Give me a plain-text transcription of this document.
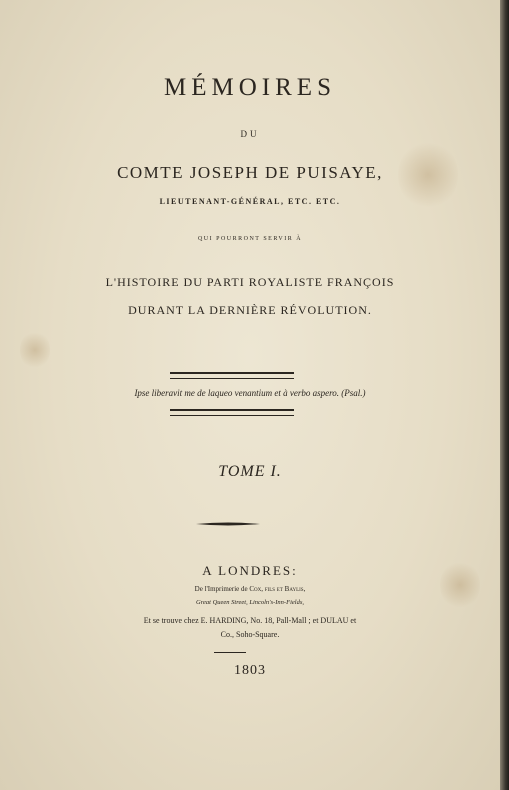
MÉMOIRES

DU

COMTE JOSEPH DE PUISAYE,

LIEUTENANT-GÉNÉRAL, ETC. ETC.

QUI POURRONT SERVIR À

L'HISTOIRE DU PARTI ROYALISTE FRANÇOIS

DURANT LA DERNIÈRE RÉVOLUTION.

Ipse liberavit me de laqueo venantium et à verbo aspero. (Psal.)

TOME I.

A LONDRES:

De l'Imprimerie de Cox, fils et Baylis,

Great Queen Street, Lincoln's-Inn-Fields,

Et se trouve chez E. HARDING, No. 18, Pall-Mall ; et DULAU et

Co., Soho-Square.

1803
